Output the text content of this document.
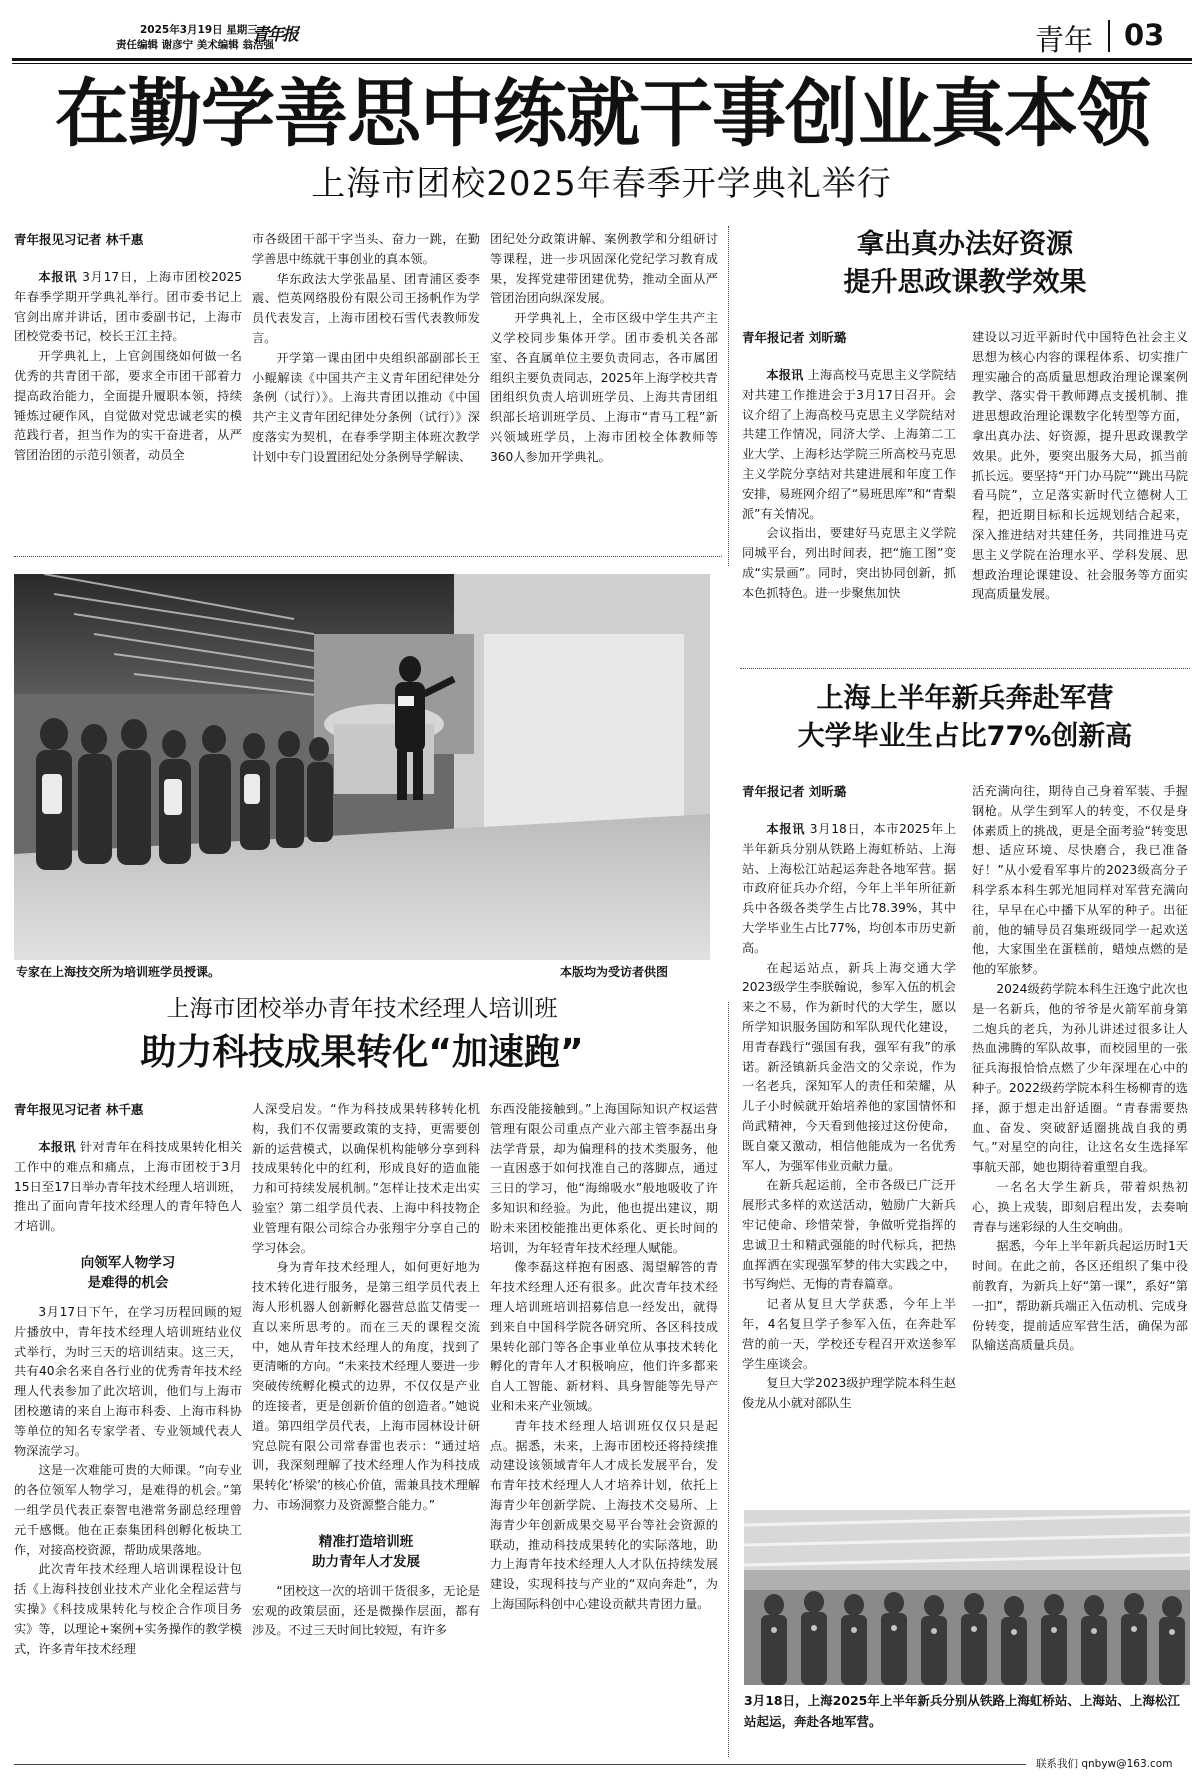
2025年3月19日 星期三
责任编辑 谢彦宁 美术编辑 翁浩强
青年报	青年 03
在勤学善思中练就干事创业真本领
上海市团校2025年春季开学典礼举行
青年报见习记者 林千惠

本报讯 3月17日，上海市团校2025年春季学期开学典礼举行。团市委书记上官剑出席并讲话，团市委副书记，上海市团校党委书记，校长王江主持。

开学典礼上，上官剑围绕如何做一名优秀的共青团干部，要求全市团干部着力提高政治能力，全面提升履职本领，持续锤炼过硬作风，自觉做对党忠诚老实的模范践行者，担当作为的实干奋进者，从严管团治团的示范引领者，动员全

市各级团干部干字当头、奋力一跳，在勤学善思中练就干事创业的真本领。

华东政法大学张晶星、团青浦区委李震、恺英网络股份有限公司王扬帆作为学员代表发言，上海市团校石雪代表教师发言。

开学第一课由团中央组织部副部长王小鲲解读《中国共产主义青年团纪律处分条例（试行）》。上海共青团以推动《中国共产主义青年团纪律处分条例（试行）》深度落实为契机，在春季学期主体班次教学计划中专门设置团纪处分条例导学解读、

团纪处分政策讲解、案例教学和分组研讨等课程，进一步巩固深化党纪学习教育成果，发挥党建带团建优势，推动全面从严管团治团向纵深发展。

开学典礼上，全市区级中学生共产主义学校同步集体开学。团市委机关各部室、各直属单位主要负责同志，各市属团组织主要负责同志，2025年上海学校共青团组织负责人培训班学员、上海共青团组织部长培训班学员、上海市“青马工程”新兴领域班学员，上海市团校全体教师等360人参加开学典礼。

专家在上海技交所为培训班学员授课。	本版均为受访者供图
上海市团校举办青年技术经理人培训班
助力科技成果转化“加速跑”
青年报见习记者 林千惠

本报讯 针对青年在科技成果转化相关工作中的难点和痛点，上海市团校于3月15日至17日举办青年技术经理人培训班，推出了面向青年技术经理人的青年特色人才培训。

向领军人物学习
是难得的机会

3月17日下午，在学习历程回顾的短片播放中，青年技术经理人培训班结业仪式举行，为时三天的培训结束。这三天，共有40余名来自各行业的优秀青年技术经理人代表参加了此次培训，他们与上海市团校邀请的来自上海市科委、上海市科协等单位的知名专家学者、专业领域代表人物深流学习。

这是一次难能可贵的大师课。“向专业的各位领军人物学习，是难得的机会。”第一组学员代表正泰智电港常务副总经理曾元千感慨。他在正泰集团科创孵化板块工作，对接高校资源，帮助成果落地。

此次青年技术经理人培训课程设计包括《上海科技创业技术产业化全程运营与实操》《科技成果转化与校企合作项目务实》等，以理论+案例+实务操作的教学模式，许多青年技术经理

人深受启发。“作为科技成果转移转化机构，我们不仅需要政策的支持，更需要创新的运营模式，以确保机构能够分享到科技成果转化中的红利，形成良好的造血能力和可持续发展机制。”怎样让技术走出实验室？第二组学员代表、上海中科技物企业管理有限公司综合办张翔宇分享自己的学习体会。

身为青年技术经理人，如何更好地为技术转化进行服务，是第三组学员代表上海人形机器人创新孵化器营总监艾倩雯一直以来所思考的。而在三天的课程交流中，她从青年技术经理人的角度，找到了更清晰的方向。“未来技术经理人要进一步突破传统孵化模式的边界，不仅仅是产业的连接者，更是创新价值的创造者。”她说道。第四组学员代表，上海市园林设计研究总院有限公司常春雷也表示：“通过培训，我深刻理解了技术经理人作为科技成果转化‘桥梁’的核心价值，需兼具技术理解力、市场洞察力及资源整合能力。”

精准打造培训班
助力青年人才发展

“团校这一次的培训干货很多，无论是宏观的政策层面，还是微操作层面，都有涉及。不过三天时间比较短，有许多

东西没能接触到。”上海国际知识产权运营管理有限公司重点产业六部主管李磊出身法学背景，却为偏理科的技术类服务，他一直困惑于如何找准自己的落脚点，通过三日的学习，他“海绵吸水”般地吸收了许多知识和经验。为此，他也提出建议，期盼未来团校能推出更体系化、更长时间的培训，为年轻青年技术经理人赋能。

像李磊这样抱有困惑、渴望解答的青年技术经理人还有很多。此次青年技术经理人培训班培训招募信息一经发出，就得到来自中国科学院各研究所、各区科技成果转化部门等各企事业单位从事技术转化孵化的青年人才积极响应，他们许多都来自人工智能、新材料、具身智能等先导产业和未来产业领域。

青年技术经理人培训班仅仅只是起点。据悉，未来，上海市团校还将持续推动建设该领域青年人才成长发展平台，发布青年技术经理人人才培养计划，依托上海青少年创新学院、上海技术交易所、上海青少年创新成果交易平台等社会资源的联动，推动科技成果转化的实际落地，助力上海青年技术经理人人才队伍持续发展建设，实现科技与产业的“双向奔赴”，为上海国际科创中心建设贡献共青团力量。

拿出真办法好资源
提升思政课教学效果
青年报记者 刘昕璐

本报讯 上海高校马克思主义学院结对共建工作推进会于3月17日召开。会议介绍了上海高校马克思主义学院结对共建工作情况，同济大学、上海第二工业大学、上海杉达学院三所高校马克思主义学院分享结对共建进展和年度工作安排，易班网介绍了“易班思库”和“青梨派”有关情况。

会议指出，要建好马克思主义学院同城平台，列出时间表，把“施工图”变成“实景画”。同时，突出协同创新，抓本色抓特色。进一步聚焦加快

建设以习近平新时代中国特色社会主义思想为核心内容的课程体系、切实推广理实融合的高质量思想政治理论课案例教学、落实骨干教师蹲点支援机制、推进思想政治理论课数字化转型等方面，拿出真办法、好资源，提升思政课教学效果。此外，要突出服务大局，抓当前抓长远。要坚持“开门办马院”“跳出马院看马院”，立足落实新时代立德树人工程，把近期目标和长远规划结合起来，深入推进结对共建任务，共同推进马克思主义学院在治理水平、学科发展、思想政治理论课建设、社会服务等方面实现高质量发展。

上海上半年新兵奔赴军营
大学毕业生占比77%创新高
青年报记者 刘昕璐

本报讯 3月18日，本市2025年上半年新兵分别从铁路上海虹桥站、上海站、上海松江站起运奔赴各地军营。据市政府征兵办介绍，今年上半年所征新兵中各级各类学生占比78.39%，其中大学毕业生占比77%，均创本市历史新高。

在起运站点，新兵上海交通大学2023级学生李朕翰说，参军入伍的机会来之不易，作为新时代的大学生，愿以所学知识服务国防和军队现代化建设，用青春践行“强国有我，强军有我”的承诺。新泾镇新兵金浩文的父亲说，作为一名老兵，深知军人的责任和荣耀，从儿子小时候就开始培养他的家国情怀和尚武精神，今天看到他接过这份使命，既自豪又激动，相信他能成为一名优秀军人，为强军伟业贡献力量。

在新兵起运前，全市各级已广泛开展形式多样的欢送活动，勉励广大新兵牢记使命、珍惜荣誉，争做听党指挥的忠诚卫士和精武强能的时代标兵，把热血挥洒在实现强军梦的伟大实践之中，书写绚烂、无悔的青春篇章。

记者从复旦大学获悉，今年上半年，4名复旦学子参军入伍，在奔赴军营的前一天，学校还专程召开欢送参军学生座谈会。

复旦大学2023级护理学院本科生赵俊龙从小就对部队生

活充满向往，期待自己身着军装、手握钢枪。从学生到军人的转变，不仅是身体素质上的挑战，更是全面考验“转变思想、适应环境、尽快磨合，我已准备好！”从小爱看军事片的2023级高分子科学系本科生郭光旭同样对军营充满向往，早早在心中播下从军的种子。出征前，他的辅导员召集班级同学一起欢送他，大家围坐在蛋糕前，蜡烛点燃的是他的军旅梦。

2024级药学院本科生汪逸宁此次也是一名新兵，他的爷爷是火箭军前身第二炮兵的老兵，为孙儿讲述过很多让人热血沸腾的军队故事，而校园里的一张征兵海报恰恰点燃了少年深埋在心中的种子。2022级药学院本科生杨柳青的选择，源于想走出舒适圈。“青春需要热血、奋发、突破舒适圈挑战自我的勇气。”对星空的向往，让这名女生选择军事航天部，她也期待着重塑自我。

一名名大学生新兵，带着炽热初心，换上戎装，即刻启程出发，去奏响青春与迷彩绿的人生交响曲。

据悉，今年上半年新兵起运历时1天时间。在此之前，各区还组织了集中役前教育，为新兵上好“第一课”，系好“第一扣”，帮助新兵端正入伍动机、完成身份转变，提前适应军营生活，确保为部队输送高质量兵员。

3月18日，上海2025年上半年新兵分别从铁路上海虹桥站、上海站、上海松江站起运，奔赴各地军营。
联系我们 qnbyw@163.com
